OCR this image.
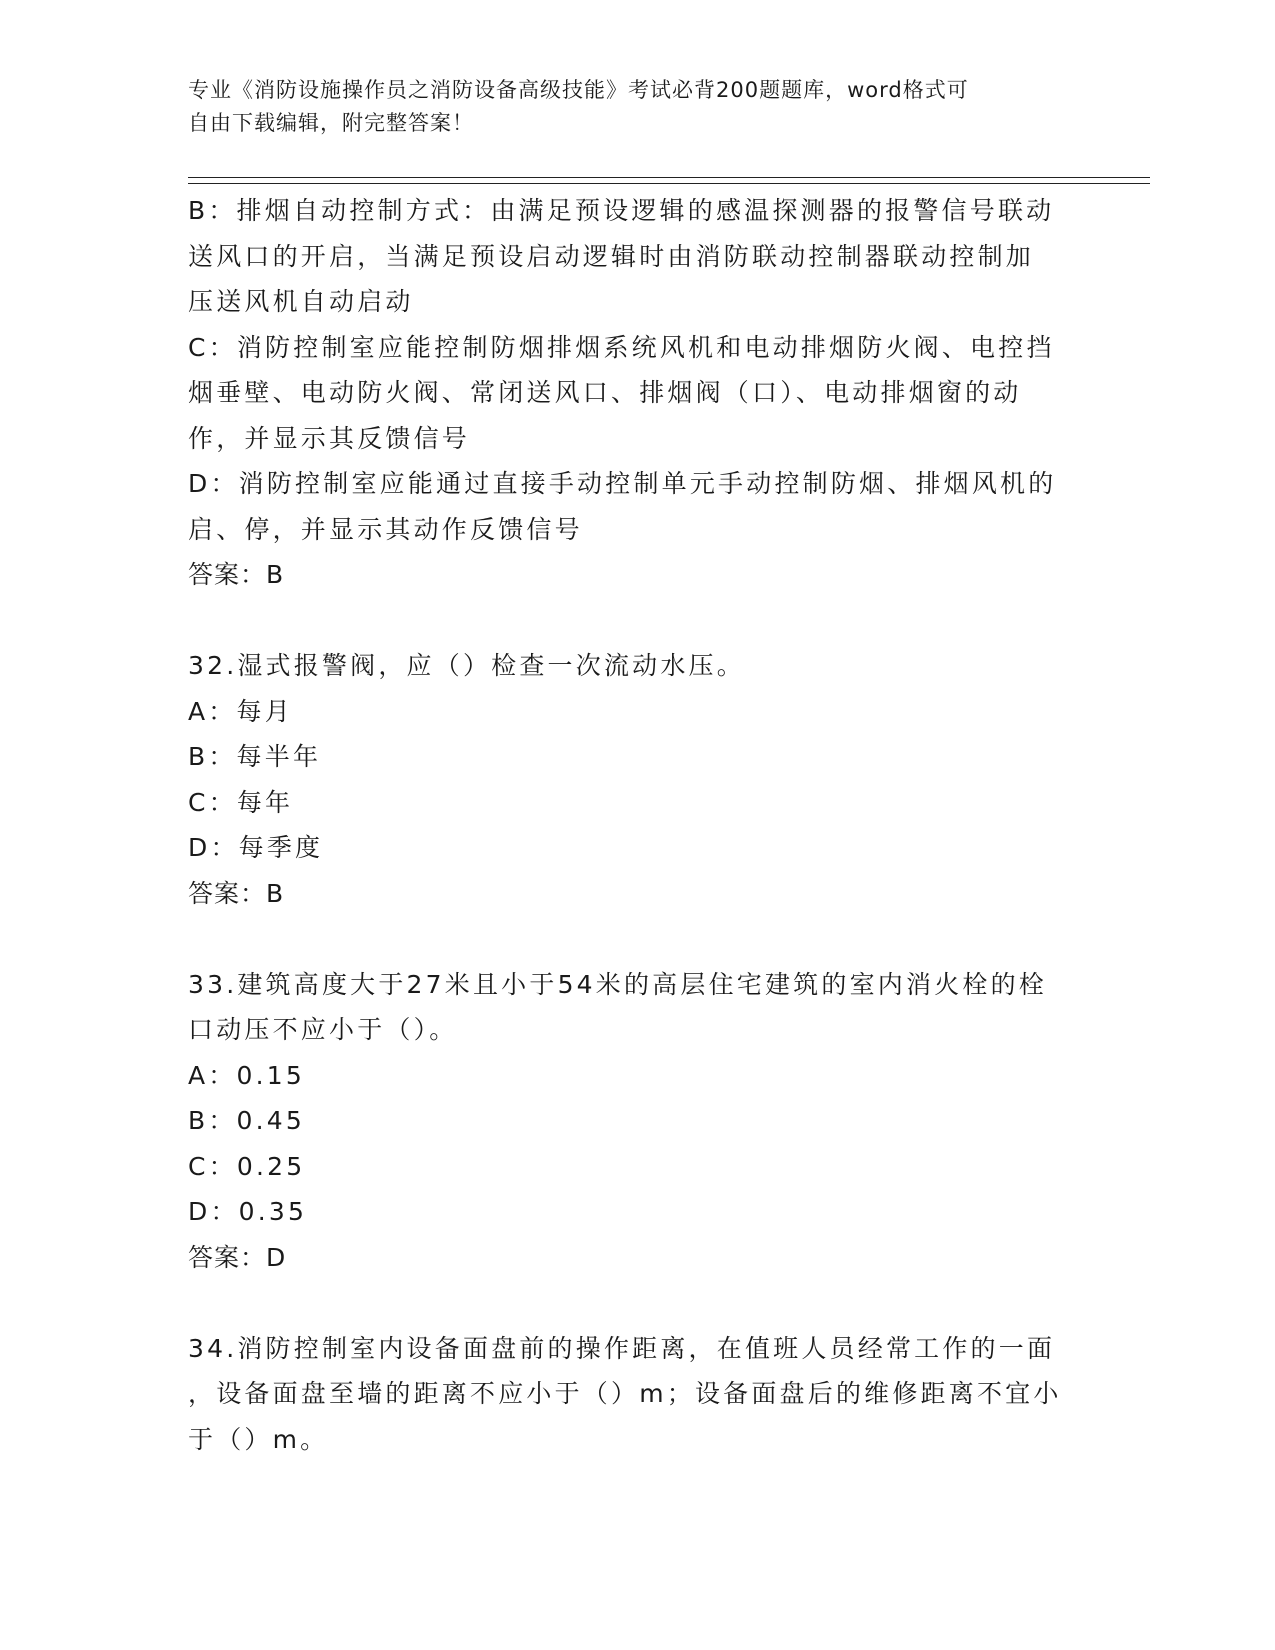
专业《消防设施操作员之消防设备高级技能》考试必背200题题库，word格式可
自由下载编辑，附完整答案！
B：排烟自动控制方式：由满足预设逻辑的感温探测器的报警信号联动
送风口的开启，当满足预设启动逻辑时由消防联动控制器联动控制加
压送风机自动启动
C：消防控制室应能控制防烟排烟系统风机和电动排烟防火阀、电控挡
烟垂壁、电动防火阀、常闭送风口、排烟阀（口）、电动排烟窗的动
作，并显示其反馈信号
D：消防控制室应能通过直接手动控制单元手动控制防烟、排烟风机的
启、停，并显示其动作反馈信号
答案：B
32.湿式报警阀，应（）检查一次流动水压。
A：每月
B：每半年
C：每年
D：每季度
答案：B
33.建筑高度大于27米且小于54米的高层住宅建筑的室内消火栓的栓
口动压不应小于（）。
A：0.15
B：0.45
C：0.25
D：0.35
答案：D
34.消防控制室内设备面盘前的操作距离，在值班人员经常工作的一面
，设备面盘至墙的距离不应小于（）m；设备面盘后的维修距离不宜小
于（）m。
